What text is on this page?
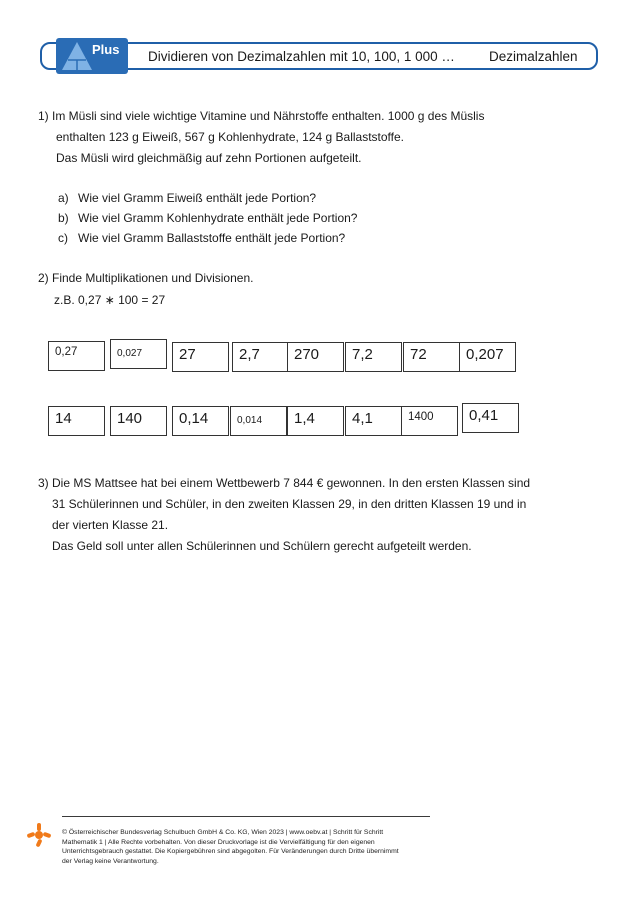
Plus Dividieren von Dezimalzahlen mit 10, 100, 1 000 …	Dezimalzahlen
1) Im Müsli sind viele wichtige Vitamine und Nährstoffe enthalten. 1000 g des Müslis
enthalten 123 g Eiweiß, 567 g Kohlenhydrate, 124 g Ballaststoffe.
Das Müsli wird gleichmäßig auf zehn Portionen aufgeteilt.
a) Wie viel Gramm Eiweiß enthält jede Portion?
b) Wie viel Gramm Kohlenhydrate enthält jede Portion?
c) Wie viel Gramm Ballaststoffe enthält jede Portion?
2) Finde Multiplikationen und Divisionen.
z.B. 0,27 ∗ 100 = 27
0,27	0,027	27	2,7	270	7,2	72	0,207
14	140	0,14	0,014	1,4	4,1	1400	0,41
3) Die MS Mattsee hat bei einem Wettbewerb 7 844 € gewonnen. In den ersten Klassen sind
31 Schülerinnen und Schüler, in den zweiten Klassen 29, in den dritten Klassen 19 und in
der vierten Klasse 21.
Das Geld soll unter allen Schülerinnen und Schülern gerecht aufgeteilt werden.
© Österreichischer Bundesverlag Schulbuch GmbH & Co. KG, Wien 2023 | www.oebv.at | Schritt für Schritt
Mathematik 1 | Alle Rechte vorbehalten. Von dieser Druckvorlage ist die Vervielfältigung für den eigenen
Unterrichtsgebrauch gestattet. Die Kopiergebühren sind abgegolten. Für Veränderungen durch Dritte übernimmt
der Verlag keine Verantwortung.
